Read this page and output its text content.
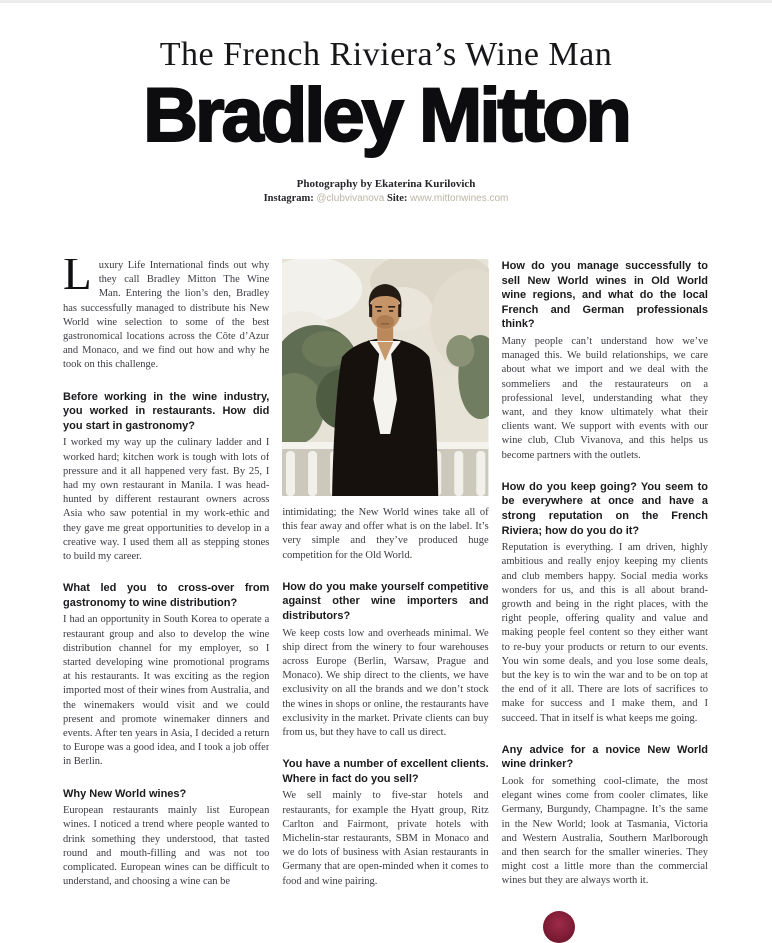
The French Riviera’s Wine Man
Bradley Mitton
Photography by Ekaterina Kurilovich
Instagram: @clubvivanova Site: www.mittonwines.com

Luxury Life International finds out why they call Bradley Mitton The Wine Man. Entering the lion’s den, Bradley has successfully managed to distribute his New World wine selection to some of the best gastronomical locations across the Côte d’Azur and Monaco, and we find out how and why he took on this challenge.

Before working in the wine industry, you worked in restaurants. How did you start in gastronomy?

I worked my way up the culinary ladder and I worked hard; kitchen work is tough with lots of pressure and it all happened very fast. By 25, I had my own restaurant in Manila. I was head-hunted by different restaurant owners across Asia who saw potential in my work-ethic and they gave me great opportunities to develop in a creative way. I used them all as stepping stones to build my career.

What led you to cross-over from gastronomy to wine distribution?

I had an opportunity in South Korea to operate a restaurant group and also to develop the wine distribution channel for my employer, so I started developing wine promotional programs at his restaurants. It was exciting as the region imported most of their wines from Australia, and the winemakers would visit and we could present and promote winemaker dinners and events. After ten years in Asia, I decided a return to Europe was a good idea, and I took a job offer in Berlin.

Why New World wines?

European restaurants mainly list European wines. I noticed a trend where people wanted to drink something they understood, that tasted round and mouth-filling and was not too complicated. European wines can be difficult to understand, and choosing a wine can be

intimidating; the New World wines take all of this fear away and offer what is on the label. It’s very simple and they’ve produced huge competition for the Old World.

How do you make yourself competitive against other wine importers and distributors?

We keep costs low and overheads minimal. We ship direct from the winery to four warehouses across Europe (Berlin, Warsaw, Prague and Monaco). We ship direct to the clients, we have exclusivity on all the brands and we don’t stock the wines in shops or online, the restaurants have exclusivity in the market. Private clients can buy from us, but they have to call us direct.

You have a number of excellent clients. Where in fact do you sell?

We sell mainly to five-star hotels and restaurants, for example the Hyatt group, Ritz Carlton and Fairmont, private hotels with Michelin-star restaurants, SBM in Monaco and we do lots of business with Asian restaurants in Germany that are open-minded when it comes to food and wine pairing.

How do you manage successfully to sell New World wines in Old World wine regions, and what do the local French and German professionals think?

Many people can’t understand how we’ve managed this. We build relationships, we care about what we import and we deal with the sommeliers and the restaurateurs on a professional level, understanding what they want, and they know ultimately what their clients want. We support with events with our wine club, Club Vivanova, and this helps us become partners with the outlets.

How do you keep going? You seem to be everywhere at once and have a strong reputation on the French Riviera; how do you do it?

Reputation is everything. I am driven, highly ambitious and really enjoy keeping my clients and club members happy. Social media works wonders for us, and this is all about brand-growth and being in the right places, with the right people, offering quality and value and making people feel content so they either want to re-buy your products or return to our events. You win some deals, and you lose some deals, but the key is to win the war and to be on top at the end of it all. There are lots of sacrifices to make for success and I make them, and I succeed. That in itself is what keeps me going.

Any advice for a novice New World wine drinker?

Look for something cool-climate, the most elegant wines come from cooler climates, like Germany, Burgundy, Champagne. It’s the same in the New World; look at Tasmania, Victoria and Western Australia, Southern Marlborough and then search for the smaller wineries. They might cost a little more than the commercial wines but they are always worth it.
